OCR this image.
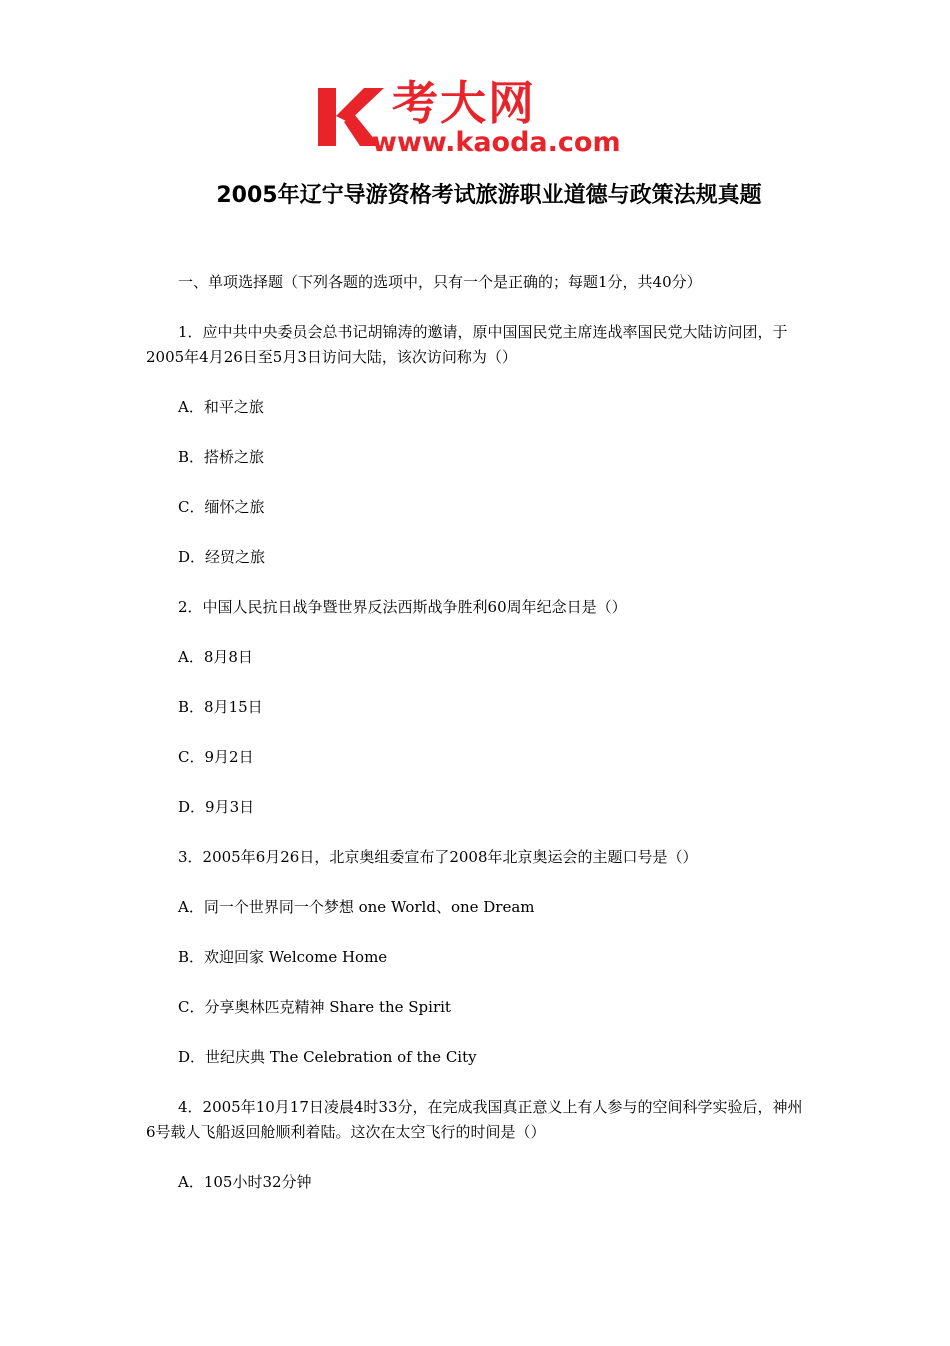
考大网
www.kaoda.com
2005年辽宁导游资格考试旅游职业道德与政策法规真题

一、单项选择题（下列各题的选项中，只有一个是正确的；每题1分，共40分）

1．应中共中央委员会总书记胡锦涛的邀请，原中国国民党主席连战率国民党大陆访问团，于2005年4月26日至5月3日访问大陆，该次访问称为（）

A．和平之旅

B．搭桥之旅

C．缅怀之旅

D．经贸之旅

2．中国人民抗日战争暨世界反法西斯战争胜利60周年纪念日是（）

A．8月8日

B．8月15日

C．9月2日

D．9月3日

3．2005年6月26日，北京奥组委宣布了2008年北京奥运会的主题口号是（）

A．同一个世界同一个梦想 one World、one Dream

B．欢迎回家 Welcome Home

C．分享奥林匹克精神 Share the Spirit

D．世纪庆典 The Celebration of the City

4．2005年10月17日凌晨4时33分，在完成我国真正意义上有人参与的空间科学实验后，神州6号载人飞船返回舱顺利着陆。这次在太空飞行的时间是（）

A．105小时32分钟
